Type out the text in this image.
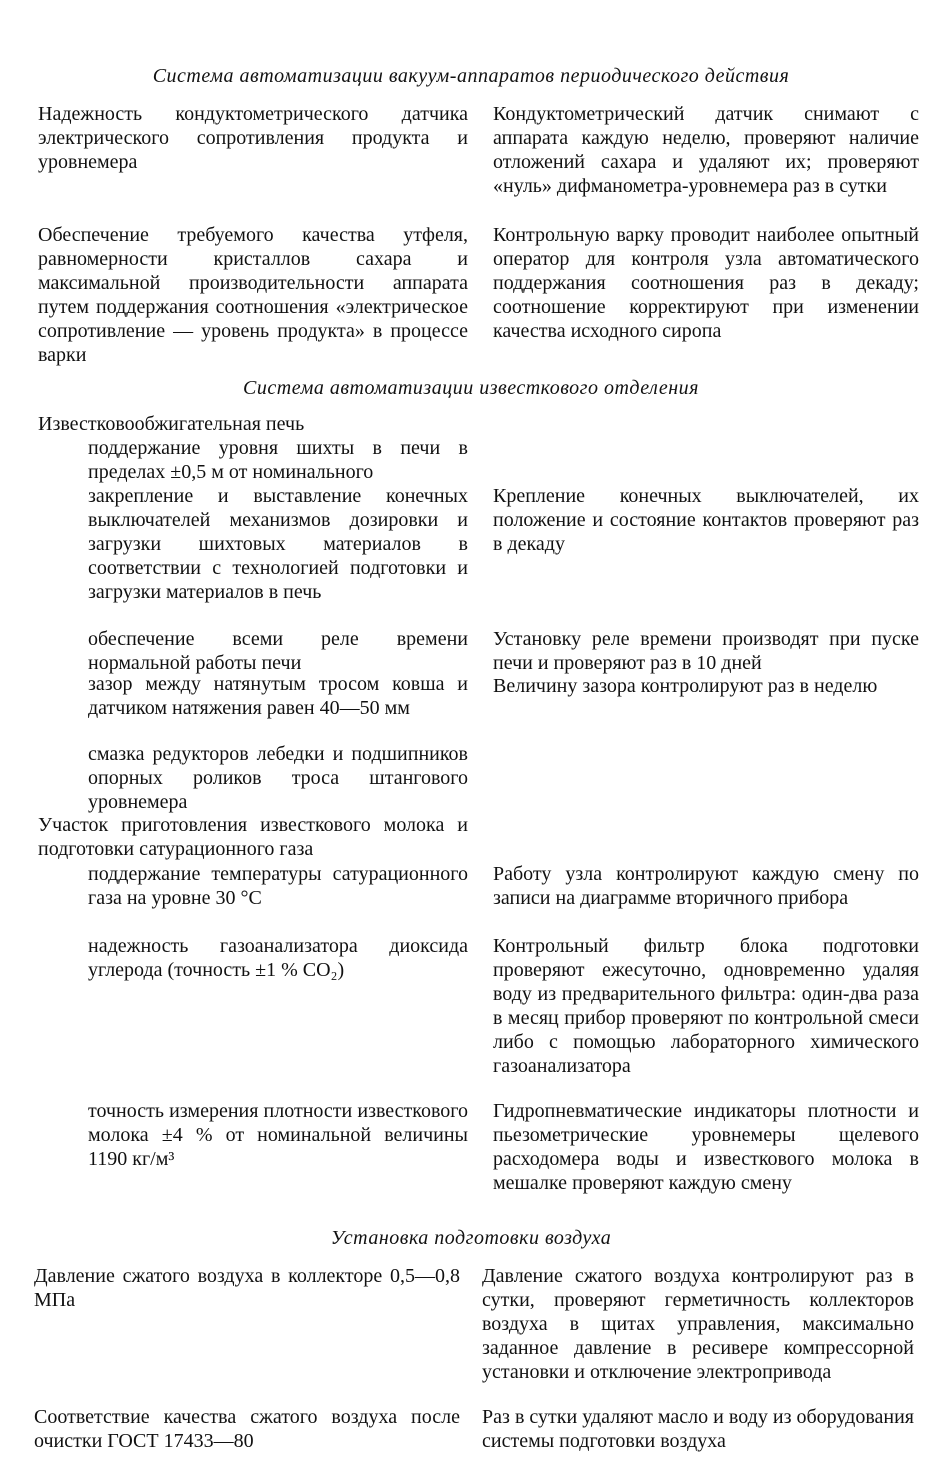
Система автоматизации вакуум-аппаратов периодического действия
Надежность кондуктометрического датчика электрического сопротивления продукта и уровнемера
Кондуктометрический датчик снимают с аппарата каждую неделю, проверяют наличие отложений сахара и удаляют их; проверяют «нуль» дифманометра-уровнемера раз в сутки
Обеспечение требуемого качества утфеля, равномерности кристаллов сахара и максимальной производительности аппарата путем поддержания соотношения «электрическое сопротивление — уровень продукта» в процессе варки
Контрольную варку проводит наиболее опытный оператор для контроля узла автоматического поддержания соотношения раз в декаду; соотношение корректируют при изменении качества исходного сиропа
Система автоматизации известкового отделения
Известковообжигательная печь
поддержание уровня шихты в печи в пределах ±0,5 м от номинального
закрепление и выставление конечных выключателей механизмов дозировки и загрузки шихтовых материалов в соответствии с технологией подготовки и загрузки материалов в печь
Крепление конечных выключателей, их положение и состояние контактов проверяют раз в декаду
обеспечение всеми реле времени нормальной работы печи
Установку реле времени производят при пуске печи и проверяют раз в 10 дней
зазор между натянутым тросом ковша и датчиком натяжения равен 40—50 мм
Величину зазора контролируют раз в неделю
смазка редукторов лебедки и подшипников опорных роликов троса штангового уровнемера
Участок приготовления известкового молока и подготовки сатурационного газа
поддержание температуры сатурационного газа на уровне 30 °С
Работу узла контролируют каждую смену по записи на диаграмме вторичного прибора
надежность газоанализатора диоксида углерода (точность ±1 % CO₂)
Контрольный фильтр блока подготовки проверяют ежесуточно, одновременно удаляя воду из предварительного фильтра: один-два раза в месяц прибор проверяют по контрольной смеси либо с помощью лабораторного химического газоанализатора
точность измерения плотности известкового молока ±4 % от номинальной величины 1190 кг/м³
Гидропневматические индикаторы плотности и пьезометрические уровнемеры щелевого расходомера воды и известкового молока в мешалке проверяют каждую смену
Установка подготовки воздуха
Давление сжатого воздуха в коллекторе 0,5—0,8 МПа
Давление сжатого воздуха контролируют раз в сутки, проверяют герметичность коллекторов воздуха в щитах управления, максимально заданное давление в ресивере компрессорной установки и отключение электропривода
Соответствие качества сжатого воздуха после очистки ГОСТ 17433—80
Раз в сутки удаляют масло и воду из оборудования системы подготовки воздуха
